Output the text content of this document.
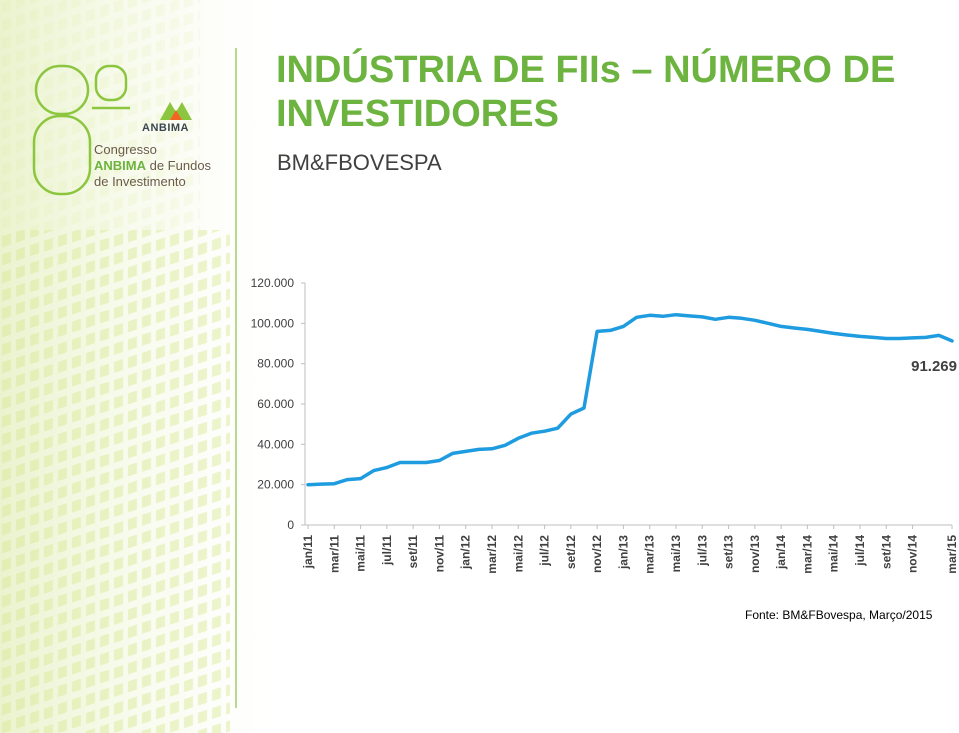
ANBIMA
Congresso
ANBIMA de Fundos
de Investimento
INDÚSTRIA DE FIIs – NÚMERO DE INVESTIDORES
BM&FBOVESPA
0
20.000
40.000
60.000
80.000
100.000
120.000
jan/11 mar/11 mai/11 jul/11 set/11 nov/11 jan/12 mar/12 mai/12 jul/12 set/12 nov/12 jan/13 mar/13 mai/13 jul/13 set/13 nov/13 jan/14 mar/14 mai/14 jul/14 set/14 nov/14 mar/15
91.269
Fonte: BM&FBovespa, Março/2015
